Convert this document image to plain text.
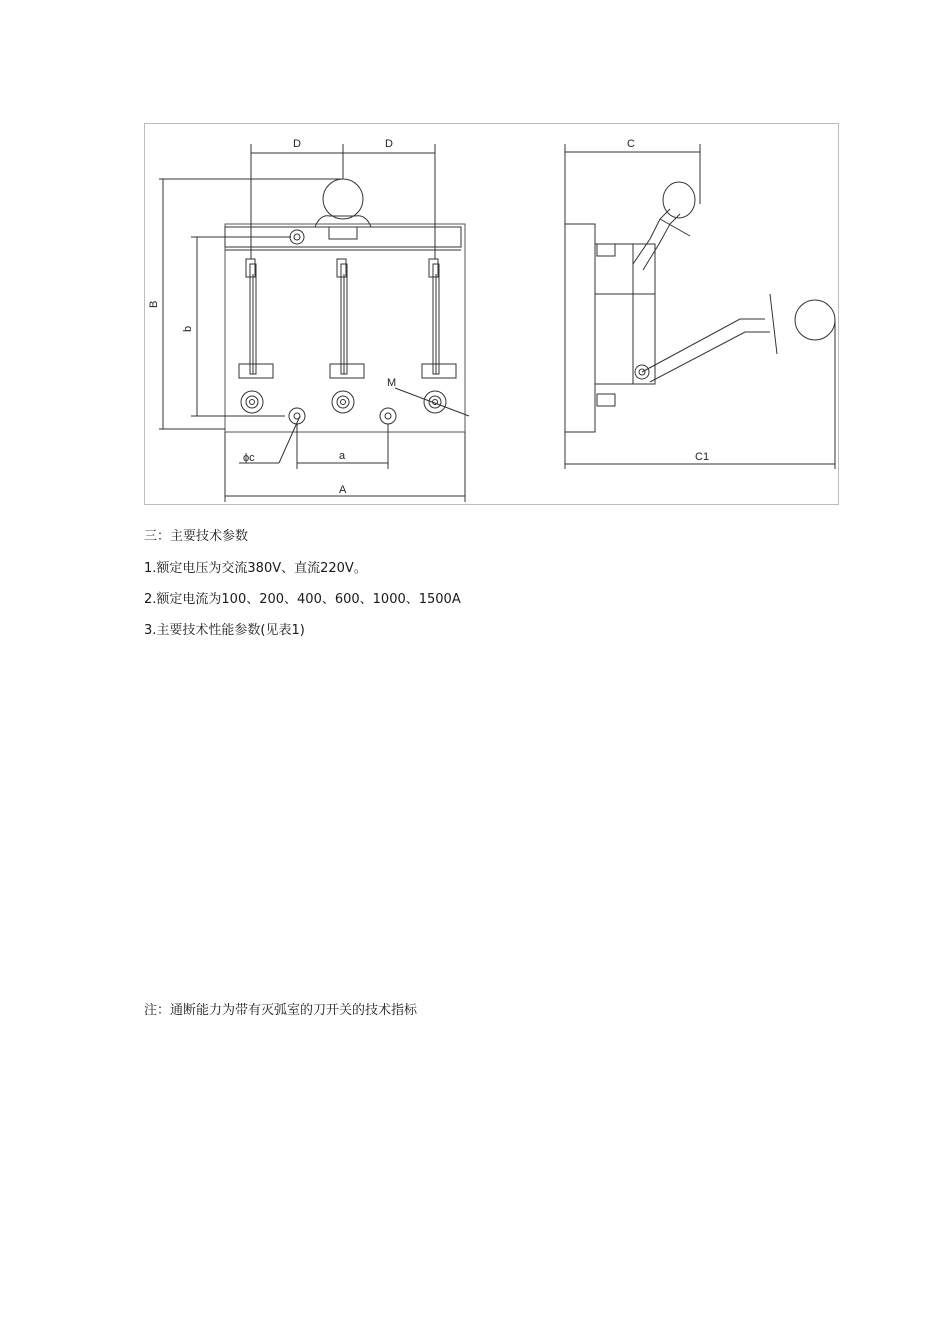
D	D	C
B
b
M
ϕc	a
A
C1
三：主要技术参数
1.额定电压为交流380V、直流220V。
2.额定电流为100、200、400、600、1000、1500A
3.主要技术性能参数(见表1)
注：通断能力为带有灭弧室的刀开关的技术指标
